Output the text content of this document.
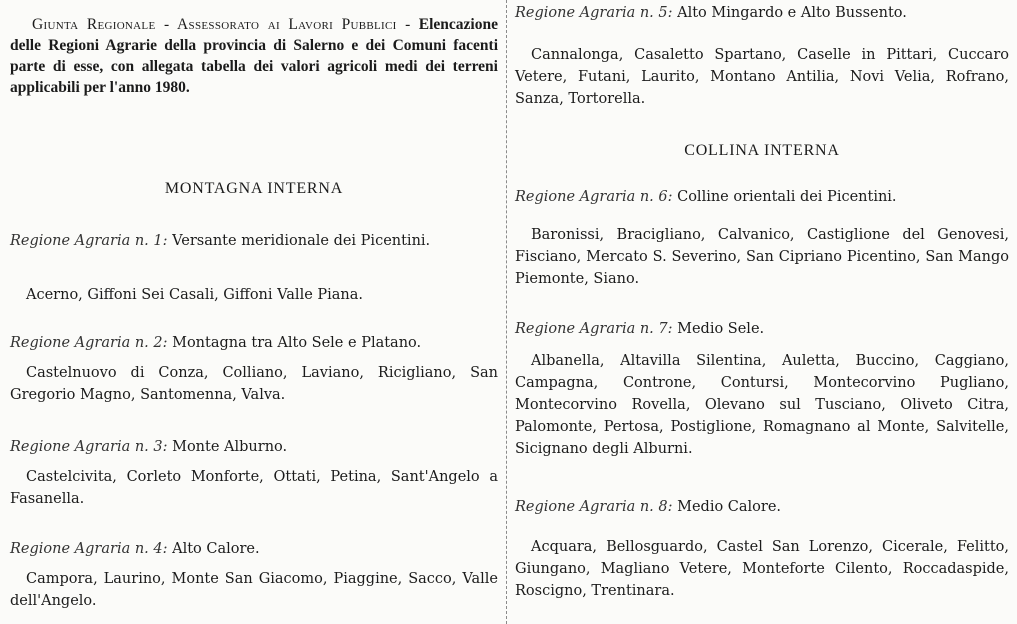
Giunta Regionale - Assessorato ai Lavori Pubblici - Elencazione delle Regioni Agrarie della provincia di Salerno e dei Comuni facenti parte di esse, con allegata tabella dei valori agricoli medi dei terreni applicabili per l'anno 1980.
MONTAGNA INTERNA
Regione Agraria n. 1: Versante meridionale dei Picentini.
Acerno, Giffoni Sei Casali, Giffoni Valle Piana.
Regione Agraria n. 2: Montagna tra Alto Sele e Platano.
Castelnuovo di Conza, Colliano, Laviano, Ricigliano, San Gregorio Magno, Santomenna, Valva.
Regione Agraria n. 3: Monte Alburno.
Castelcivita, Corleto Monforte, Ottati, Petina, Sant'Angelo a Fasanella.
Regione Agraria n. 4: Alto Calore.
Campora, Laurino, Monte San Giacomo, Piaggine, Sacco, Valle dell'Angelo.
Regione Agraria n. 5: Alto Mingardo e Alto Bussento.
Cannalonga, Casaletto Spartano, Caselle in Pittari, Cuccaro Vetere, Futani, Laurito, Montano Antilia, Novi Velia, Rofrano, Sanza, Tortorella.
COLLINA INTERNA
Regione Agraria n. 6: Colline orientali dei Picentini.
Baronissi, Bracigliano, Calvanico, Castiglione del Genovesi, Fisciano, Mercato S. Severino, San Cipriano Picentino, San Mango Piemonte, Siano.
Regione Agraria n. 7: Medio Sele.
Albanella, Altavilla Silentina, Auletta, Buccino, Caggiano, Campagna, Controne, Contursi, Montecorvino Pugliano, Montecorvino Rovella, Olevano sul Tusciano, Oliveto Citra, Palomonte, Pertosa, Postiglione, Romagnano al Monte, Salvitelle, Sicignano degli Alburni.
Regione Agraria n. 8: Medio Calore.
Acquara, Bellosguardo, Castel San Lorenzo, Cicerale, Felitto, Giungano, Magliano Vetere, Monteforte Cilento, Roccadaspide, Roscigno, Trentinara.
